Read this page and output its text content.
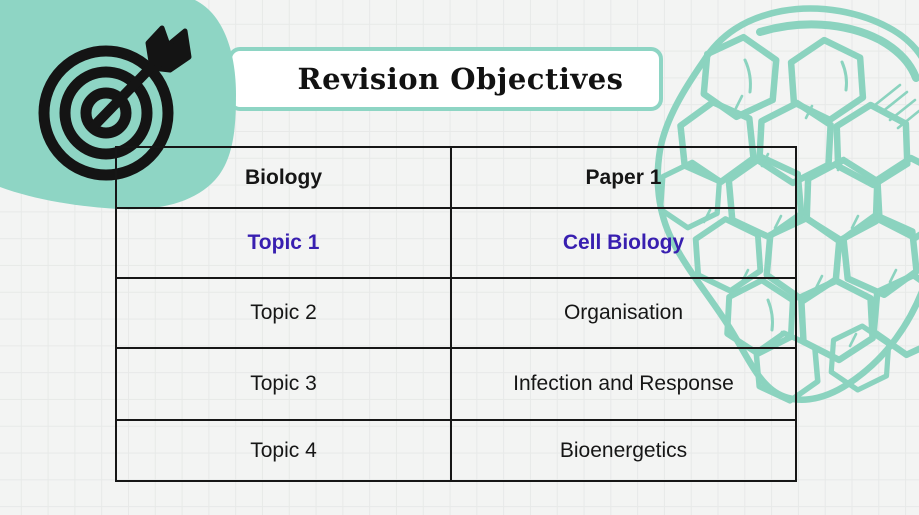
Revision Objectives
Biology	Paper 1
Topic 1	Cell Biology
Topic 2	Organisation
Topic 3	Infection and Response
Topic 4	Bioenergetics
